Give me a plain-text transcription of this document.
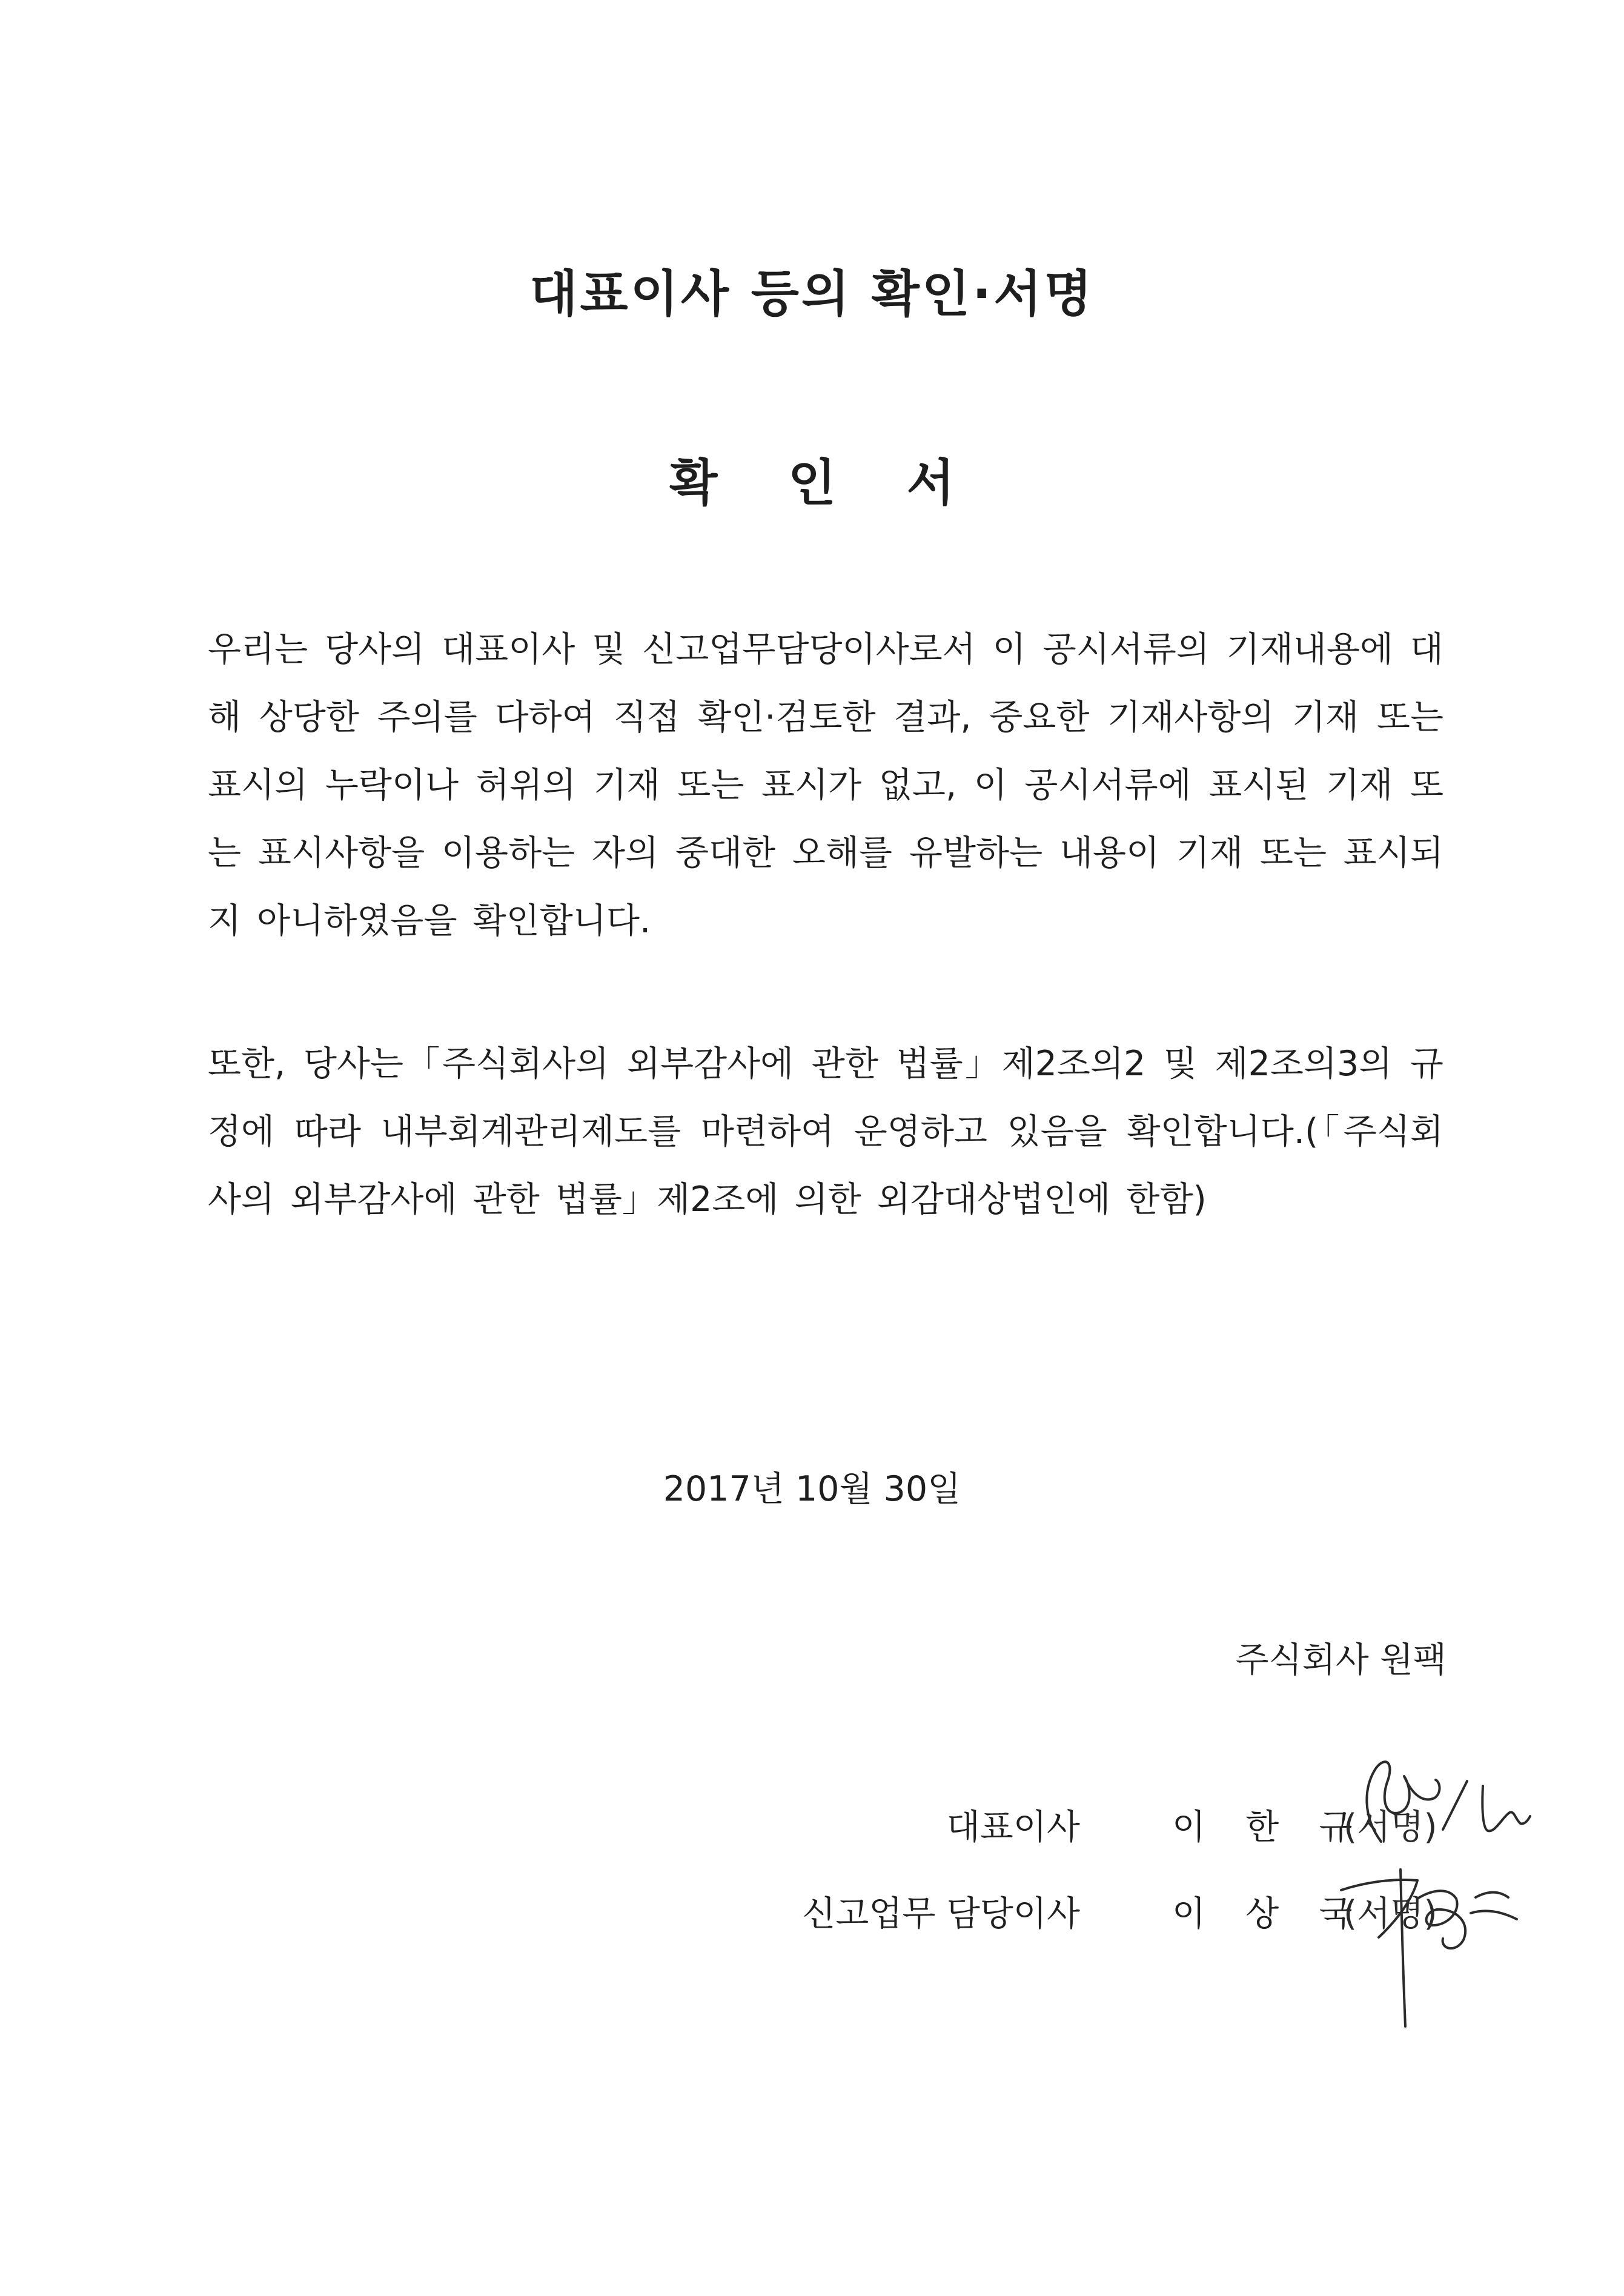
대표이사 등의 확인·서명
확 인 서
우리는 당사의 대표이사 및 신고업무담당이사로서 이 공시서류의 기재내용에 대해 상당한 주의를 다하여 직접 확인·검토한 결과, 중요한 기재사항의 기재 또는 표시의 누락이나 허위의 기재 또는 표시가 없고, 이 공시서류에 표시된 기재 또는 표시사항을 이용하는 자의 중대한 오해를 유발하는 내용이 기재 또는 표시되지 아니하였음을 확인합니다.
또한, 당사는「주식회사의 외부감사에 관한 법률」제2조의2 및 제2조의3의 규정에 따라 내부회계관리제도를 마련하여 운영하고 있음을 확인합니다.(「주식회사의 외부감사에 관한 법률」제2조에 의한 외감대상법인에 한함)
2017년 10월 30일
주식회사 원팩
대표이사	이 한 규
(서명)
신고업무 담당이사	이 상 국
(서명)
